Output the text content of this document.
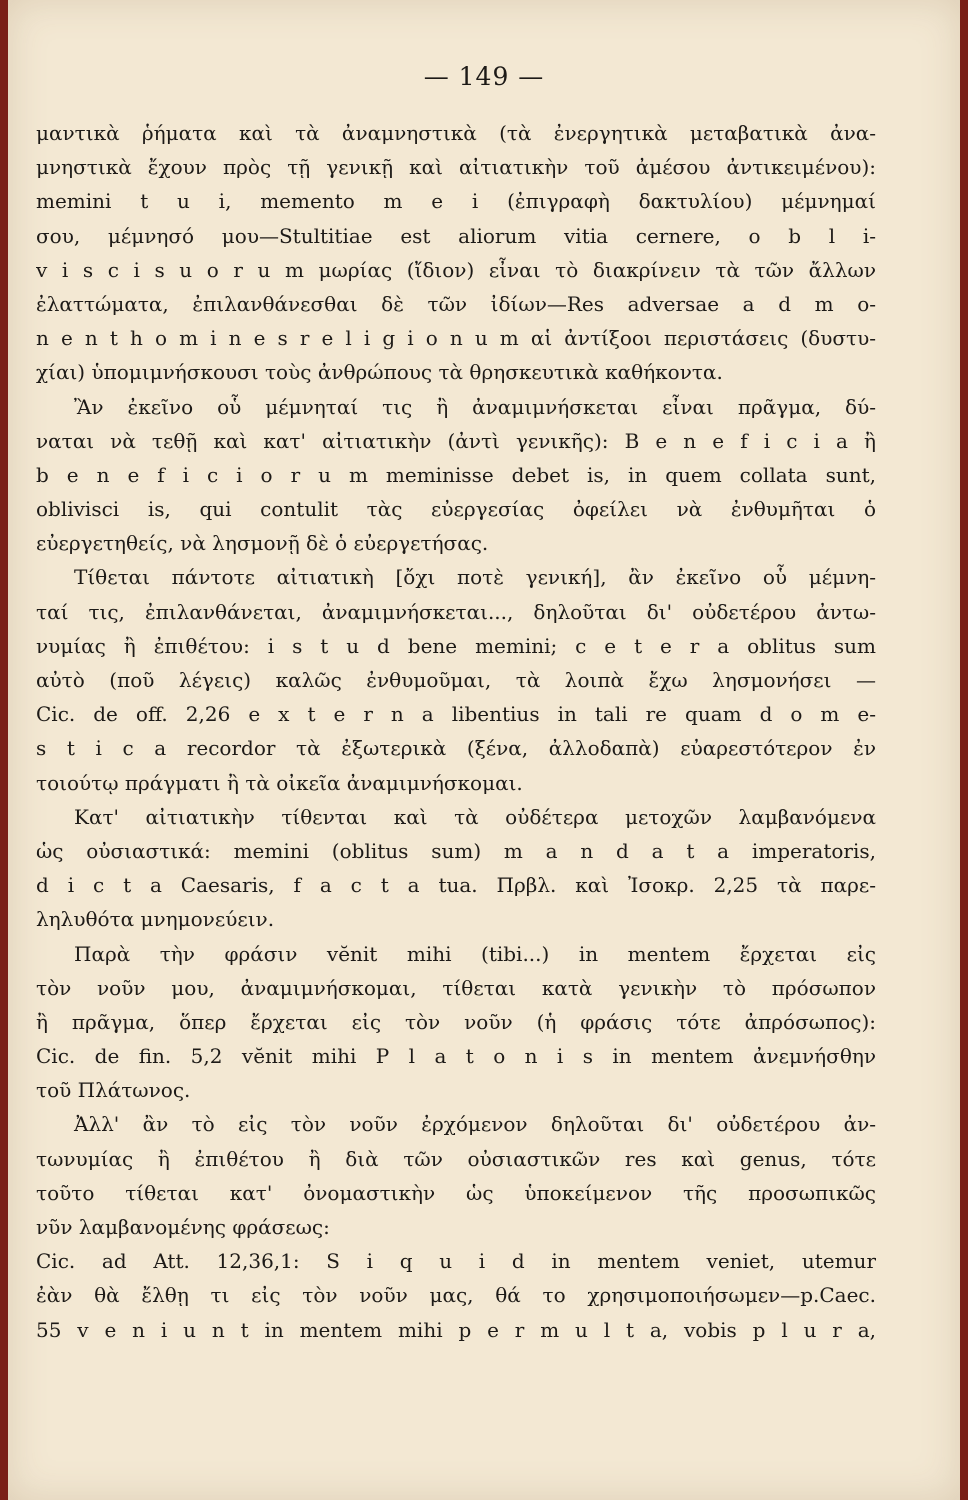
— 149 —
μαντικὰ ῥήματα καὶ τὰ ἀναμνηστικὰ (τὰ ἐνεργητικὰ μεταβατικὰ ἀνα-
μνηστικὰ ἔχουν πρὸς τῇ γενικῇ καὶ αἰτιατικὴν τοῦ ἀμέσου ἀντικειμένου):
memini t u i, memento m e i (ἐπιγραφὴ δακτυλίου) μέμνημαί
σου, μέμνησό μου—Stultitiae est aliorum vitia cernere, o b l i-
v i s c i s u o r u m μωρίας (ἴδιον) εἶναι τὸ διακρίνειν τὰ τῶν ἄλλων
ἐλαττώματα, ἐπιλανθάνεσθαι δὲ τῶν ἰδίων—Res adversae a d m o-
n e n t h o m i n e s r e l i g i o n u m αἱ ἀντίξοοι περιστάσεις (δυστυ-
χίαι) ὑπομιμνήσκουσι τοὺς ἀνθρώπους τὰ θρησκευτικὰ καθήκοντα.
Ἂν ἐκεῖνο οὗ μέμνηταί τις ἢ ἀναμιμνήσκεται εἶναι πρᾶγμα, δύ-
ναται νὰ τεθῇ καὶ κατ' αἰτιατικὴν (ἀντὶ γενικῆς): B e n e f i c i a ἢ
b e n e f i c i o r u m meminisse debet is, in quem collata sunt,
oblivisci is, qui contulit τὰς εὐεργεσίας ὀφείλει νὰ ἐνθυμῆται ὁ
εὐεργετηθείς, νὰ λησμονῇ δὲ ὁ εὐεργετήσας.
Τίθεται πάντοτε αἰτιατικὴ [ὄχι ποτὲ γενική], ἂν ἐκεῖνο οὗ μέμνη-
ταί τις, ἐπιλανθάνεται, ἀναμιμνήσκεται..., δηλοῦται δι' οὐδετέρου ἀντω-
νυμίας ἢ ἐπιθέτου: i s t u d bene memini; c e t e r a oblitus sum
αὐτὸ (ποῦ λέγεις) καλῶς ἐνθυμοῦμαι, τὰ λοιπὰ ἔχω λησμονήσει —
Cic. de off. 2,26 e x t e r n a libentius in tali re quam d o m e-
s t i c a recordor τὰ ἐξωτερικὰ (ξένα, ἀλλοδαπὰ) εὐαρεστότερον ἐν
τοιούτῳ πράγματι ἢ τὰ οἰκεῖα ἀναμιμνήσκομαι.
Κατ' αἰτιατικὴν τίθενται καὶ τὰ οὐδέτερα μετοχῶν λαμβανόμενα
ὡς οὐσιαστικά: memini (oblitus sum) m a n d a t a imperatoris,
d i c t a Caesaris, f a c t a tua. Πρβλ. καὶ Ἰσοκρ. 2,25 τὰ παρε-
ληλυθότα μνημονεύειν.
Παρὰ τὴν φράσιν vĕnit mihi (tibi...) in mentem ἔρχεται εἰς
τὸν νοῦν μου, ἀναμιμνήσκομαι, τίθεται κατὰ γενικὴν τὸ πρόσωπον
ἢ πρᾶγμα, ὅπερ ἔρχεται εἰς τὸν νοῦν (ἡ φράσις τότε ἀπρόσωπος):
Cic. de fin. 5,2 vĕnit mihi P l a t o n i s in mentem ἀνεμνήσθην
τοῦ Πλάτωνος.
Ἀλλ' ἂν τὸ εἰς τὸν νοῦν ἐρχόμενον δηλοῦται δι' οὐδετέρου ἀν-
τωνυμίας ἢ ἐπιθέτου ἢ διὰ τῶν οὐσιαστικῶν res καὶ genus, τότε
τοῦτο τίθεται κατ' ὀνομαστικὴν ὡς ὑποκείμενον τῆς προσωπικῶς
νῦν λαμβανομένης φράσεως:
Cic. ad Att. 12,36,1: S i q u i d in mentem veniet, utemur
ἐὰν θὰ ἔλθῃ τι εἰς τὸν νοῦν μας, θά το χρησιμοποιήσωμεν—p.Caec.
55 v e n i u n t in mentem mihi p e r m u l t a, vobis p l u r a,
